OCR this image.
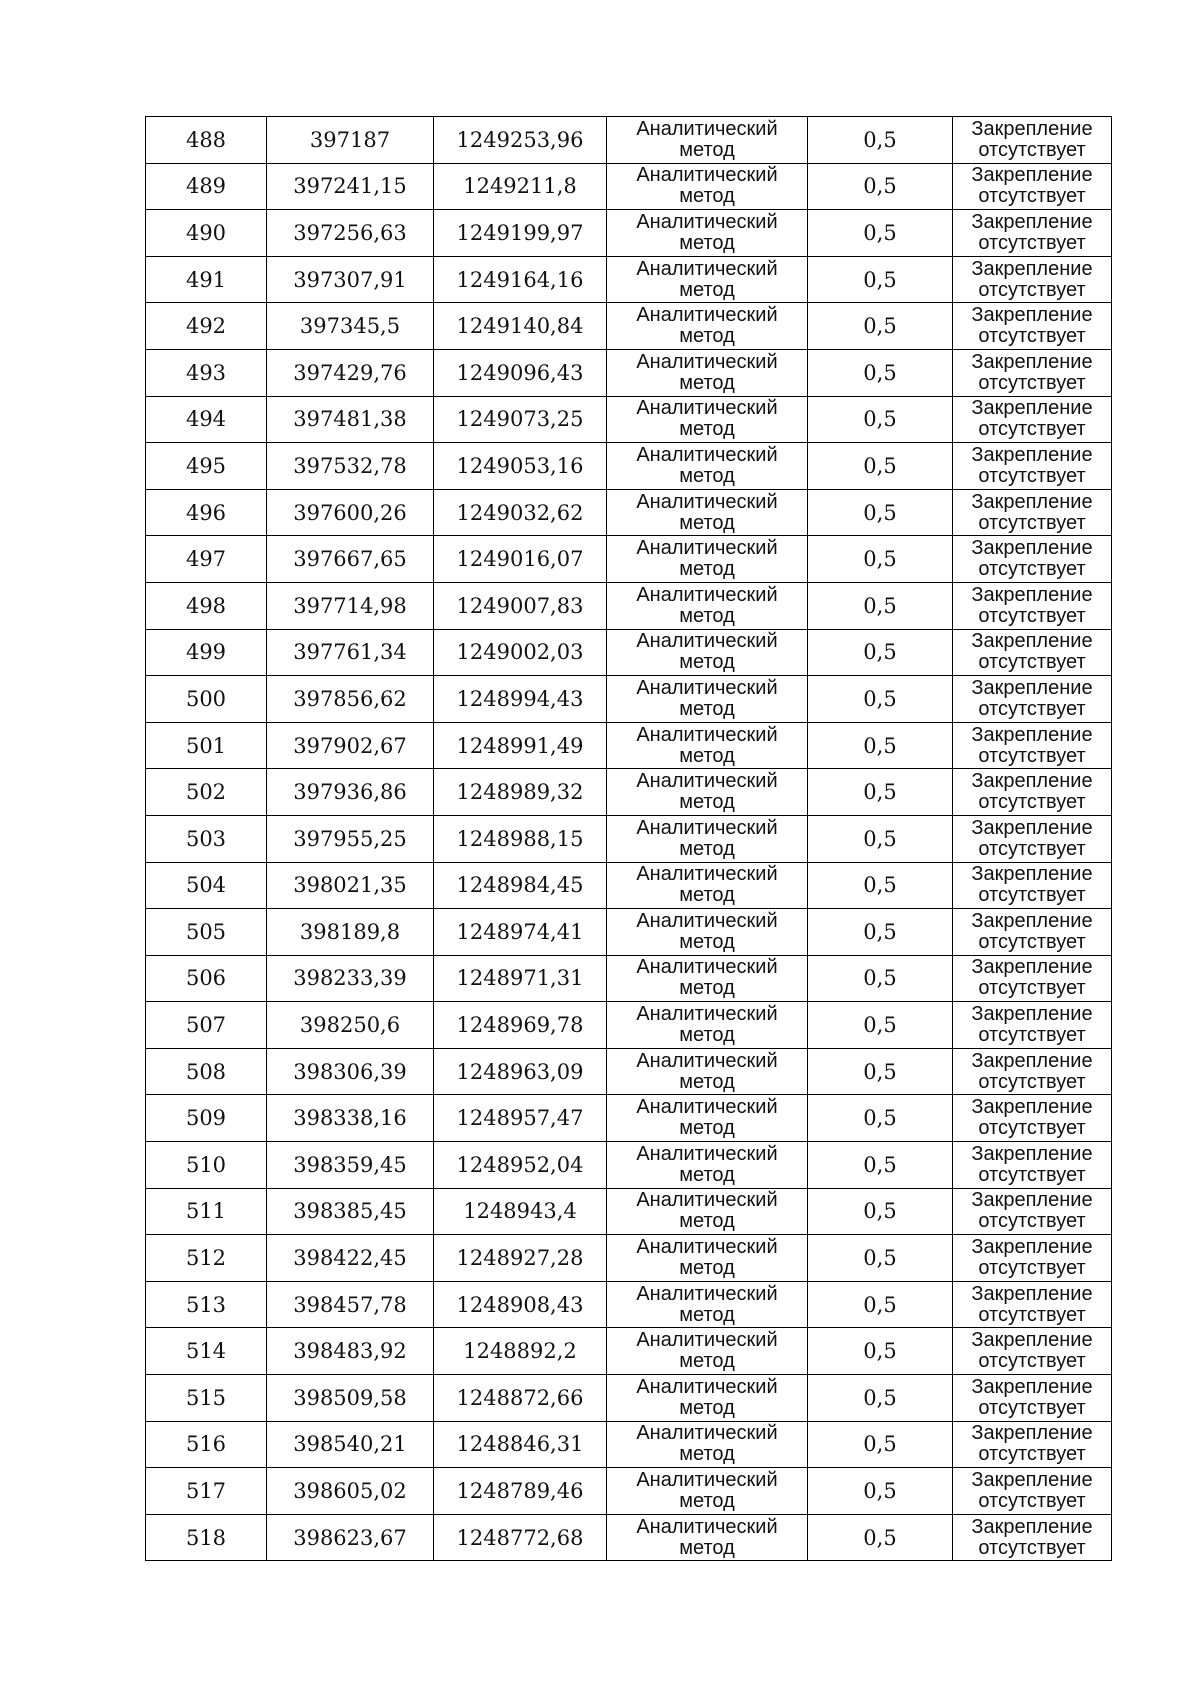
488	397187	1249253,96	Аналитический
метод	0,5	Закрепление
отсутствует

489	397241,15	1249211,8	Аналитический
метод	0,5	Закрепление
отсутствует

490	397256,63	1249199,97	Аналитический
метод	0,5	Закрепление
отсутствует

491	397307,91	1249164,16	Аналитический
метод	0,5	Закрепление
отсутствует

492	397345,5	1249140,84	Аналитический
метод	0,5	Закрепление
отсутствует

493	397429,76	1249096,43	Аналитический
метод	0,5	Закрепление
отсутствует

494	397481,38	1249073,25	Аналитический
метод	0,5	Закрепление
отсутствует

495	397532,78	1249053,16	Аналитический
метод	0,5	Закрепление
отсутствует

496	397600,26	1249032,62	Аналитический
метод	0,5	Закрепление
отсутствует

497	397667,65	1249016,07	Аналитический
метод	0,5	Закрепление
отсутствует

498	397714,98	1249007,83	Аналитический
метод	0,5	Закрепление
отсутствует

499	397761,34	1249002,03	Аналитический
метод	0,5	Закрепление
отсутствует

500	397856,62	1248994,43	Аналитический
метод	0,5	Закрепление
отсутствует

501	397902,67	1248991,49	Аналитический
метод	0,5	Закрепление
отсутствует

502	397936,86	1248989,32	Аналитический
метод	0,5	Закрепление
отсутствует

503	397955,25	1248988,15	Аналитический
метод	0,5	Закрепление
отсутствует

504	398021,35	1248984,45	Аналитический
метод	0,5	Закрепление
отсутствует

505	398189,8	1248974,41	Аналитический
метод	0,5	Закрепление
отсутствует

506	398233,39	1248971,31	Аналитический
метод	0,5	Закрепление
отсутствует

507	398250,6	1248969,78	Аналитический
метод	0,5	Закрепление
отсутствует

508	398306,39	1248963,09	Аналитический
метод	0,5	Закрепление
отсутствует

509	398338,16	1248957,47	Аналитический
метод	0,5	Закрепление
отсутствует

510	398359,45	1248952,04	Аналитический
метод	0,5	Закрепление
отсутствует

511	398385,45	1248943,4	Аналитический
метод	0,5	Закрепление
отсутствует

512	398422,45	1248927,28	Аналитический
метод	0,5	Закрепление
отсутствует

513	398457,78	1248908,43	Аналитический
метод	0,5	Закрепление
отсутствует

514	398483,92	1248892,2	Аналитический
метод	0,5	Закрепление
отсутствует

515	398509,58	1248872,66	Аналитический
метод	0,5	Закрепление
отсутствует

516	398540,21	1248846,31	Аналитический
метод	0,5	Закрепление
отсутствует

517	398605,02	1248789,46	Аналитический
метод	0,5	Закрепление
отсутствует

518	398623,67	1248772,68	Аналитический
метод	0,5	Закрепление
отсутствует
